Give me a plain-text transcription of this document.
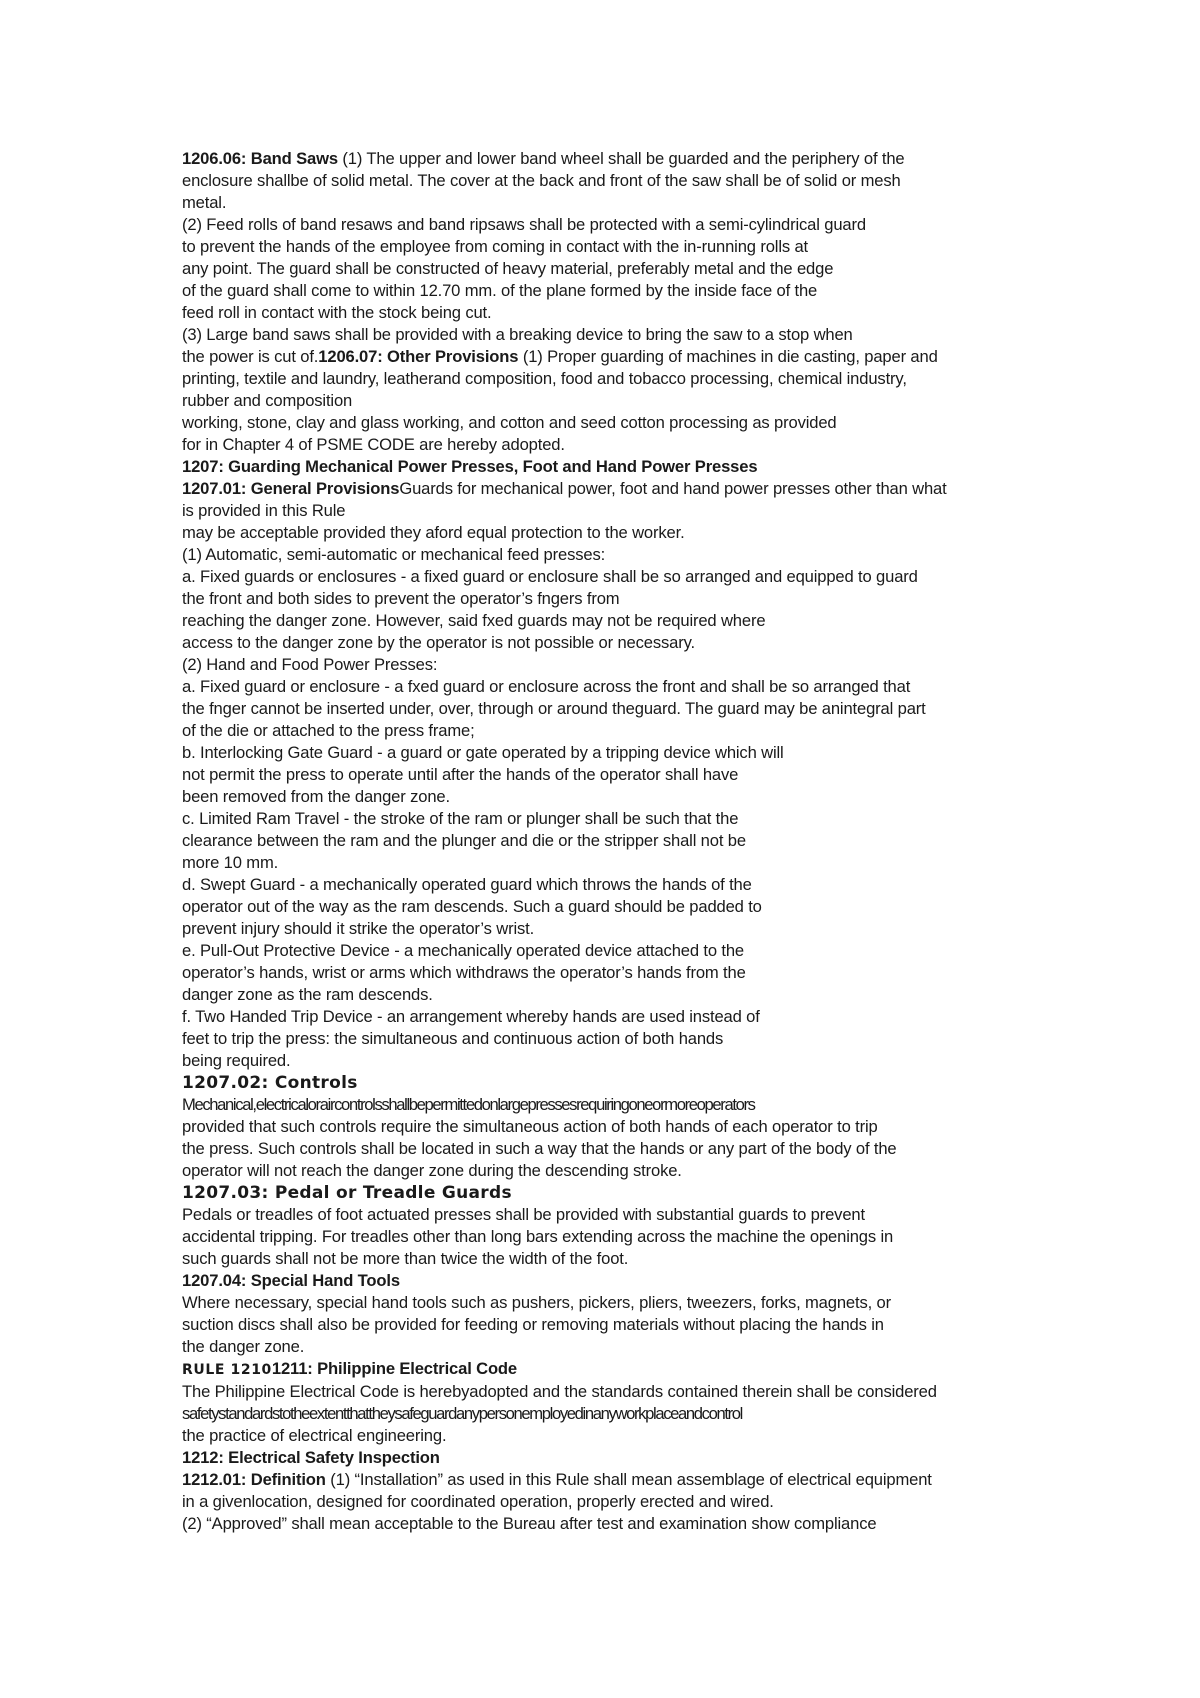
1206.06: Band Saws (1) The upper and lower band wheel shall be guarded and the periphery of the
enclosure shallbe of solid metal. The cover at the back and front of the saw shall be of solid or mesh
metal.
(2) Feed rolls of band resaws and band ripsaws shall be protected with a semi-cylindrical guard
to prevent the hands of the employee from coming in contact with the in-running rolls at
any point. The guard shall be constructed of heavy material, preferably metal and the edge
of the guard shall come to within 12.70 mm. of the plane formed by the inside face of the
feed roll in contact with the stock being cut.
(3) Large band saws shall be provided with a breaking device to bring the saw to a stop when
the power is cut of.1206.07: Other Provisions (1) Proper guarding of machines in die casting, paper and
printing, textile and laundry, leatherand composition, food and tobacco processing, chemical industry,
rubber and composition
working, stone, clay and glass working, and cotton and seed cotton processing as provided
for in Chapter 4 of PSME CODE are hereby adopted.
1207: Guarding Mechanical Power Presses, Foot and Hand Power Presses
1207.01: General ProvisionsGuards for mechanical power, foot and hand power presses other than what
is provided in this Rule
may be acceptable provided they aford equal protection to the worker.
(1) Automatic, semi-automatic or mechanical feed presses:
a. Fixed guards or enclosures - a fixed guard or enclosure shall be so arranged and equipped to guard
the front and both sides to prevent the operator’s fngers from
reaching the danger zone. However, said fxed guards may not be required where
access to the danger zone by the operator is not possible or necessary.
(2) Hand and Food Power Presses:
a. Fixed guard or enclosure - a fxed guard or enclosure across the front and shall be so arranged that
the fnger cannot be inserted under, over, through or around theguard. The guard may be anintegral part
of the die or attached to the press frame;
b. Interlocking Gate Guard - a guard or gate operated by a tripping device which will
not permit the press to operate until after the hands of the operator shall have
been removed from the danger zone.
c. Limited Ram Travel - the stroke of the ram or plunger shall be such that the
clearance between the ram and the plunger and die or the stripper shall not be
more 10 mm.
d. Swept Guard - a mechanically operated guard which throws the hands of the
operator out of the way as the ram descends. Such a guard should be padded to
prevent injury should it strike the operator’s wrist.
e. Pull-Out Protective Device - a mechanically operated device attached to the
operator’s hands, wrist or arms which withdraws the operator’s hands from the
danger zone as the ram descends.
f. Two Handed Trip Device - an arrangement whereby hands are used instead of
feet to trip the press: the simultaneous and continuous action of both hands
being required.
1207.02: Controls
Mechanical,electricaloraircontrolsshallbepermittedonlargepressesrequiringoneormoreoperators
provided that such controls require the simultaneous action of both hands of each operator to trip
the press. Such controls shall be located in such a way that the hands or any part of the body of the
operator will not reach the danger zone during the descending stroke.
1207.03: Pedal or Treadle Guards
Pedals or treadles of foot actuated presses shall be provided with substantial guards to prevent
accidental tripping. For treadles other than long bars extending across the machine the openings in
such guards shall not be more than twice the width of the foot.
1207.04: Special Hand Tools
Where necessary, special hand tools such as pushers, pickers, pliers, tweezers, forks, magnets, or
suction discs shall also be provided for feeding or removing materials without placing the hands in
the danger zone.
RULE 12101211: Philippine Electrical Code
The Philippine Electrical Code is herebyadopted and the standards contained therein shall be considered
safetystandardstotheextentthattheysafeguardanypersonemployedinanyworkplaceandcontrol
the practice of electrical engineering.
1212: Electrical Safety Inspection
1212.01: Definition (1) “Installation” as used in this Rule shall mean assemblage of electrical equipment
in a givenlocation, designed for coordinated operation, properly erected and wired.
(2) “Approved” shall mean acceptable to the Bureau after test and examination show compliance
